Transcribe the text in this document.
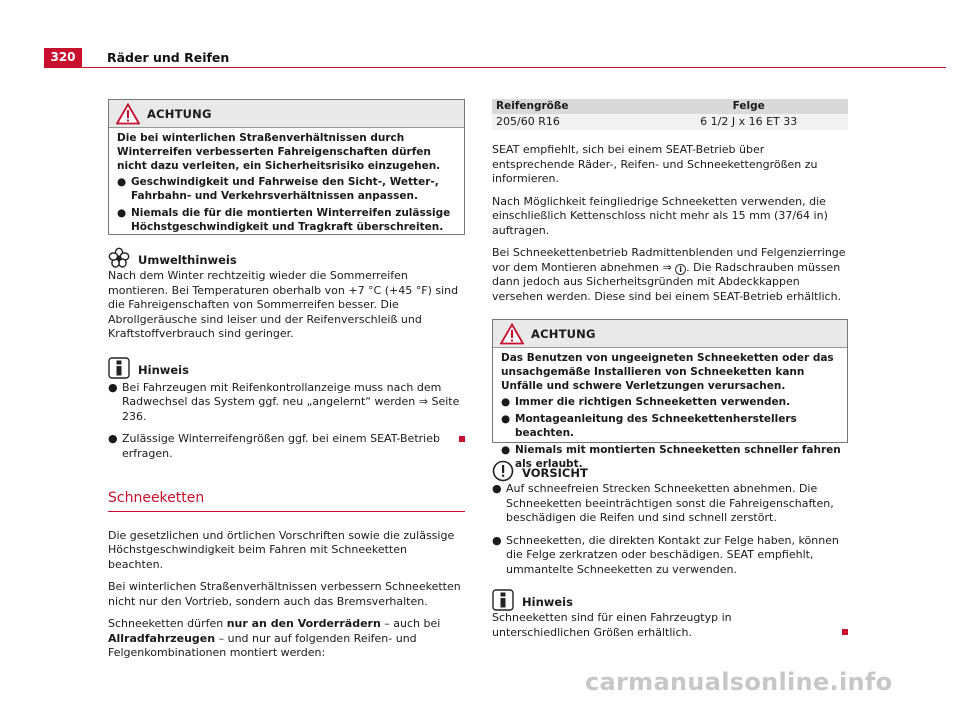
320	Räder und Reifen
ACHTUNG

Die bei winterlichen Straßenverhältnissen durch Winterreifen verbesserten Fahreigenschaften dürfen nicht dazu verleiten, ein Sicherheitsrisiko einzugehen.

● Geschwindigkeit und Fahrweise den Sicht-, Wetter-, Fahrbahn- und Verkehrsverhältnissen anpassen.
● Niemals die für die montierten Winterreifen zulässige Höchstgeschwindigkeit und Tragkraft überschreiten.
Umwelthinweis

Nach dem Winter rechtzeitig wieder die Sommerreifen montieren. Bei Temperaturen oberhalb von +7 °C (+45 °F) sind die Fahreigenschaften von Sommerreifen besser. Die Abrollgeräusche sind leiser und der Reifenverschleiß und Kraftstoffverbrauch sind geringer.

Hinweis
● Bei Fahrzeugen mit Reifenkontrollanzeige muss nach dem Radwechsel das System ggf. neu „angelernt“ werden ⇒ Seite 236.
● Zulässige Winterreifengrößen ggf. bei einem SEAT-Betrieb erfragen.
Schneeketten

Die gesetzlichen und örtlichen Vorschriften sowie die zulässige Höchstgeschwindigkeit beim Fahren mit Schneeketten beachten.

Bei winterlichen Straßenverhältnissen verbessern Schneeketten nicht nur den Vortrieb, sondern auch das Bremsverhalten.

Schneeketten dürfen nur an den Vorderrädern – auch bei Allradfahrzeugen – und nur auf folgenden Reifen- und Felgenkombinationen montiert werden:

Reifengröße	Felge
205/60 R16	6 1/2 J x 16 ET 33

SEAT empfiehlt, sich bei einem SEAT-Betrieb über entsprechende Räder-, Reifen- und Schneekettengrößen zu informieren.

Nach Möglichkeit feingliedrige Schneeketten verwenden, die einschließlich Kettenschloss nicht mehr als 15 mm (37/64 in) auftragen.

Bei Schneekettenbetrieb Radmittenblenden und Felgenzierringe vor dem Montieren abnehmen ⇒ i . Die Radschrauben müssen dann jedoch aus Sicherheitsgründen mit Abdeckkappen versehen werden. Diese sind bei einem SEAT-Betrieb erhältlich.

ACHTUNG

Das Benutzen von ungeeigneten Schneeketten oder das unsachgemäße Installieren von Schneeketten kann Unfälle und schwere Verletzungen verursachen.

● Immer die richtigen Schneeketten verwenden.
● Montageanleitung des Schneekettenherstellers beachten.
● Niemals mit montierten Schneeketten schneller fahren als erlaubt.
VORSICHT
● Auf schneefreien Strecken Schneeketten abnehmen. Die Schneeketten beeinträchtigen sonst die Fahreigenschaften, beschädigen die Reifen und sind schnell zerstört.
● Schneeketten, die direkten Kontakt zur Felge haben, können die Felge zerkratzen oder beschädigen. SEAT empfiehlt, ummantelte Schneeketten zu verwenden.
Hinweis

Schneeketten sind für einen Fahrzeugtyp in unterschiedlichen Größen erhältlich.

carmanualsonline.info
